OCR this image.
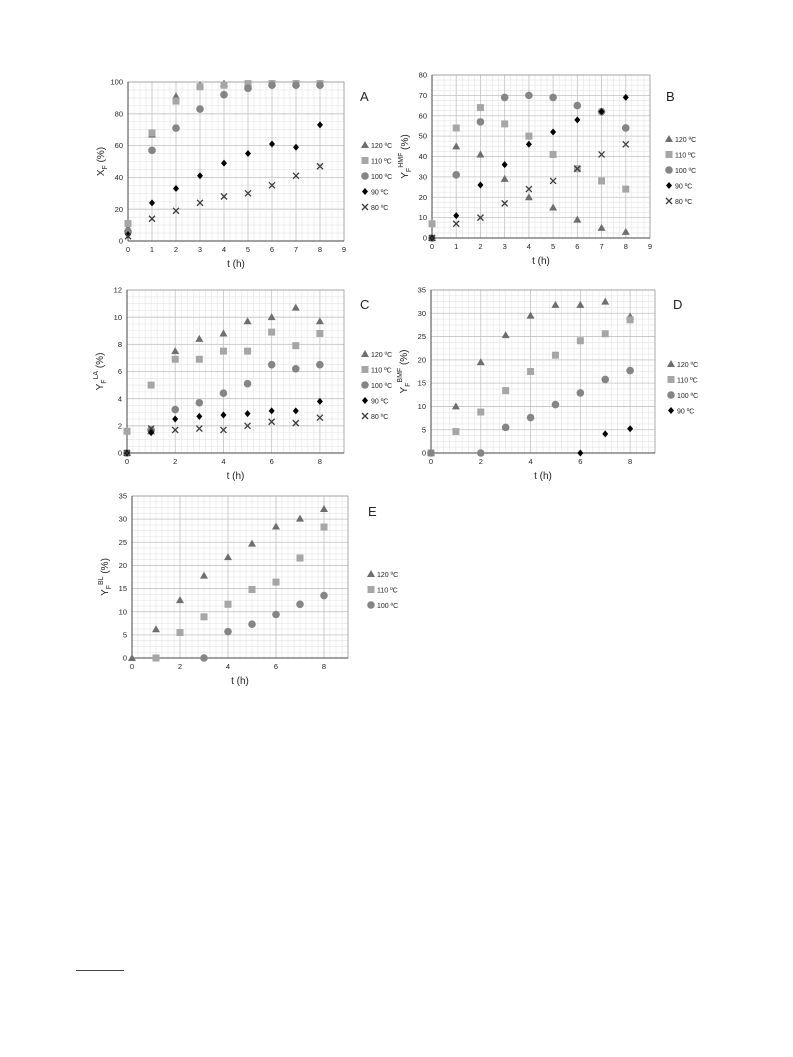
0	1	2	3	4	5	6	7	8	9
0
20
40
60
80
100
t (h)
$X_F$ (%)
A
120 ºC
110 ºC
100 ºC
90 ºC
80 ºC
0	1	2	3	4	5	6	7	8	9
0
10
20
30
40
50
60
70
80
t (h)
$Y_F^{HMF}$ (%)
B
120 ºC
110 ºC
100 ºC
90 ºC
80 ºC
0	2	4	6	8
0
2
4
6
8
10
12
t (h)
$Y_F^{LA}$ (%)
C
120 ºC
110 ºC
100 ºC
90 ºC
80 ºC
0	2	4	6	8
0
5
10
15
20
25
30
35
t (h)
$Y_F^{BMF}$ (%)
D
120 ºC
110 ºC
100 ºC
90 ºC
0	2	4	6	8
0
5
10
15
20
25
30
35
t (h)
$Y_F^{BL}$ (%)
E
120 ºC
110 ºC
100 ºC
